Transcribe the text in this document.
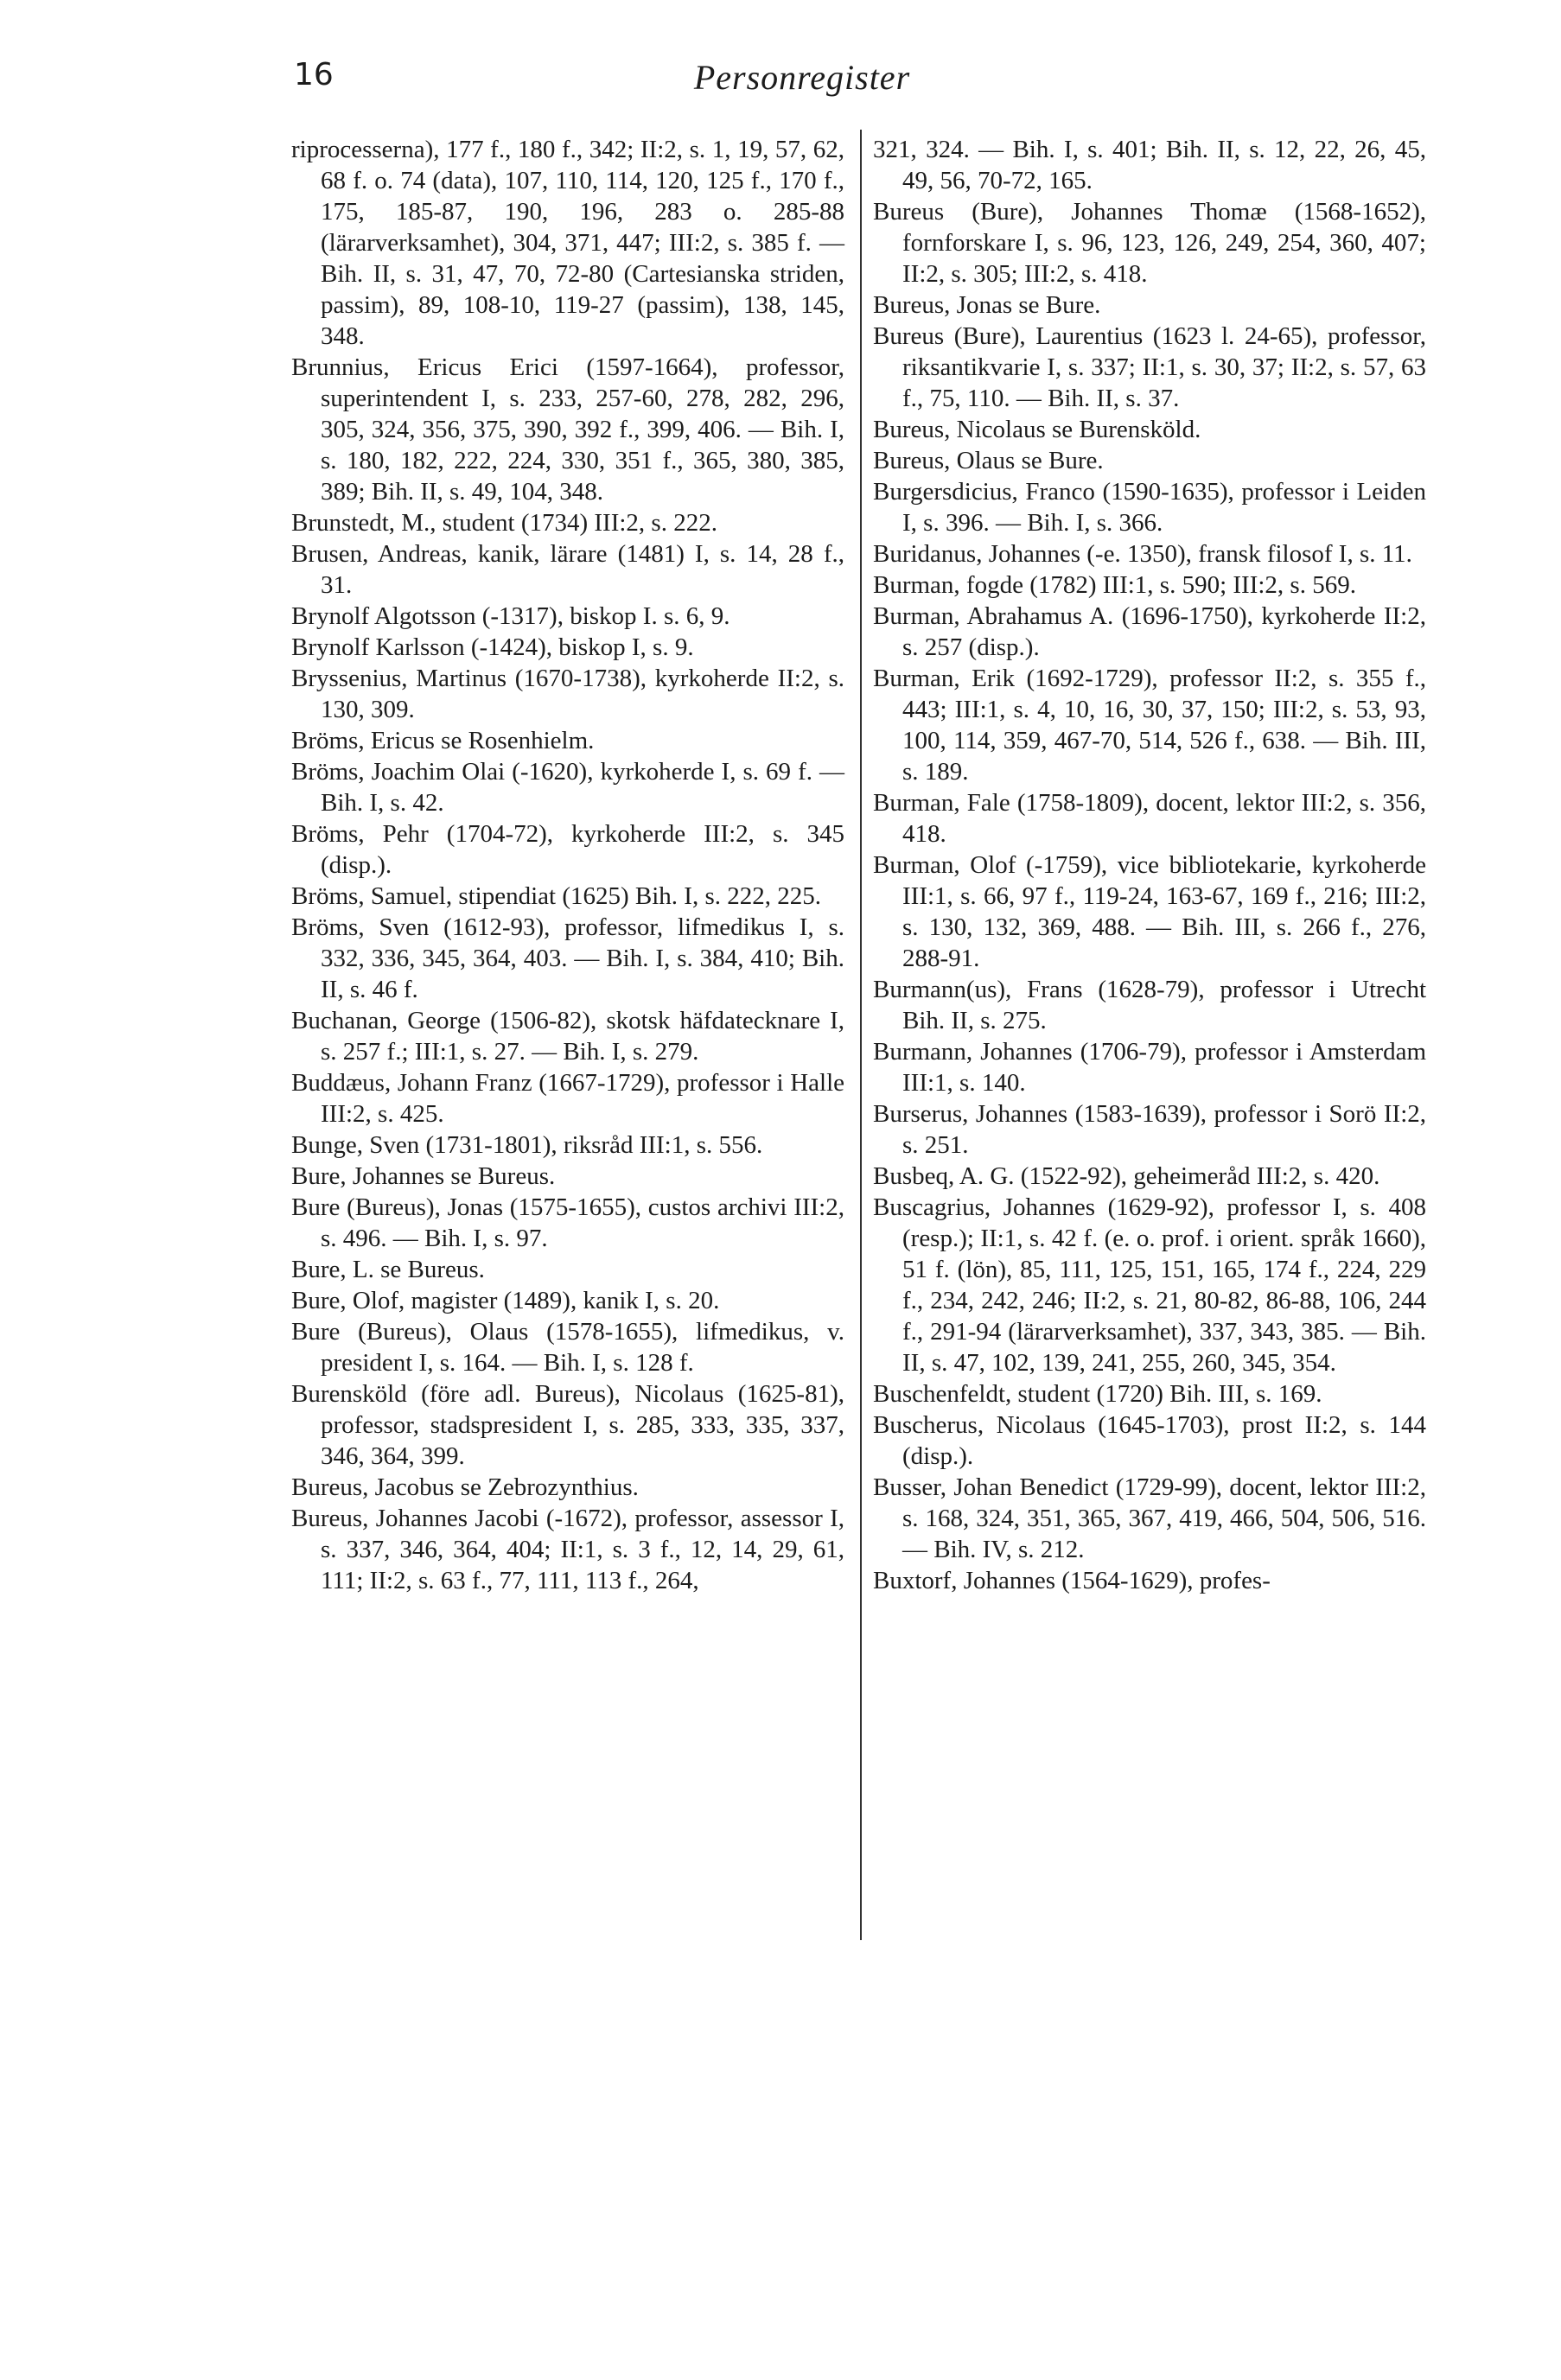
16	Personregister

riprocesserna), 177 f., 180 f., 342; II:2, s. 1, 19, 57, 62, 68 f. o. 74 (data), 107, 110, 114, 120, 125 f., 170 f., 175, 185-87, 190, 196, 283 o. 285-88 (lärarverksamhet), 304, 371, 447; III:2, s. 385 f. — Bih. II, s. 31, 47, 70, 72-80 (Cartesianska striden, passim), 89, 108-10, 119-27 (passim), 138, 145, 348.

Brunnius, Ericus Erici (1597-1664), professor, superintendent I, s. 233, 257-60, 278, 282, 296, 305, 324, 356, 375, 390, 392 f., 399, 406. — Bih. I, s. 180, 182, 222, 224, 330, 351 f., 365, 380, 385, 389; Bih. II, s. 49, 104, 348.

Brunstedt, M., student (1734) III:2, s. 222.

Brusen, Andreas, kanik, lärare (1481) I, s. 14, 28 f., 31.

Brynolf Algotsson (-1317), biskop I. s. 6, 9.

Brynolf Karlsson (-1424), biskop I, s. 9.

Bryssenius, Martinus (1670-1738), kyrkoherde II:2, s. 130, 309.

Bröms, Ericus se Rosenhielm.

Bröms, Joachim Olai (-1620), kyrkoherde I, s. 69 f. — Bih. I, s. 42.

Bröms, Pehr (1704-72), kyrkoherde III:2, s. 345 (disp.).

Bröms, Samuel, stipendiat (1625) Bih. I, s. 222, 225.

Bröms, Sven (1612-93), professor, lifmedikus I, s. 332, 336, 345, 364, 403. — Bih. I, s. 384, 410; Bih. II, s. 46 f.

Buchanan, George (1506-82), skotsk häfdatecknare I, s. 257 f.; III:1, s. 27. — Bih. I, s. 279.

Buddæus, Johann Franz (1667-1729), professor i Halle III:2, s. 425.

Bunge, Sven (1731-1801), riksråd III:1, s. 556.

Bure, Johannes se Bureus.

Bure (Bureus), Jonas (1575-1655), custos archivi III:2, s. 496. — Bih. I, s. 97.

Bure, L. se Bureus.

Bure, Olof, magister (1489), kanik I, s. 20.

Bure (Bureus), Olaus (1578-1655), lifmedikus, v. president I, s. 164. — Bih. I, s. 128 f.

Burensköld (före adl. Bureus), Nicolaus (1625-81), professor, stadspresident I, s. 285, 333, 335, 337, 346, 364, 399.

Bureus, Jacobus se Zebrozynthius.

Bureus, Johannes Jacobi (-1672), professor, assessor I, s. 337, 346, 364, 404; II:1, s. 3 f., 12, 14, 29, 61, 111; II:2, s. 63 f., 77, 111, 113 f., 264,

321, 324. — Bih. I, s. 401; Bih. II, s. 12, 22, 26, 45, 49, 56, 70-72, 165.

Bureus (Bure), Johannes Thomæ (1568-1652), fornforskare I, s. 96, 123, 126, 249, 254, 360, 407; II:2, s. 305; III:2, s. 418.

Bureus, Jonas se Bure.

Bureus (Bure), Laurentius (1623 l. 24-65), professor, riksantikvarie I, s. 337; II:1, s. 30, 37; II:2, s. 57, 63 f., 75, 110. — Bih. II, s. 37.

Bureus, Nicolaus se Burensköld.

Bureus, Olaus se Bure.

Burgersdicius, Franco (1590-1635), professor i Leiden I, s. 396. — Bih. I, s. 366.

Buridanus, Johannes (-e. 1350), fransk filosof I, s. 11.

Burman, fogde (1782) III:1, s. 590; III:2, s. 569.

Burman, Abrahamus A. (1696-1750), kyrkoherde II:2, s. 257 (disp.).

Burman, Erik (1692-1729), professor II:2, s. 355 f., 443; III:1, s. 4, 10, 16, 30, 37, 150; III:2, s. 53, 93, 100, 114, 359, 467-70, 514, 526 f., 638. — Bih. III, s. 189.

Burman, Fale (1758-1809), docent, lektor III:2, s. 356, 418.

Burman, Olof (-1759), vice bibliotekarie, kyrkoherde III:1, s. 66, 97 f., 119-24, 163-67, 169 f., 216; III:2, s. 130, 132, 369, 488. — Bih. III, s. 266 f., 276, 288-91.

Burmann(us), Frans (1628-79), professor i Utrecht Bih. II, s. 275.

Burmann, Johannes (1706-79), professor i Amsterdam III:1, s. 140.

Burserus, Johannes (1583-1639), professor i Sorö II:2, s. 251.

Busbeq, A. G. (1522-92), geheimeråd III:2, s. 420.

Buscagrius, Johannes (1629-92), professor I, s. 408 (resp.); II:1, s. 42 f. (e. o. prof. i orient. språk 1660), 51 f. (lön), 85, 111, 125, 151, 165, 174 f., 224, 229 f., 234, 242, 246; II:2, s. 21, 80-82, 86-88, 106, 244 f., 291-94 (lärarverksamhet), 337, 343, 385. — Bih. II, s. 47, 102, 139, 241, 255, 260, 345, 354.

Buschenfeldt, student (1720) Bih. III, s. 169.

Buscherus, Nicolaus (1645-1703), prost II:2, s. 144 (disp.).

Busser, Johan Benedict (1729-99), docent, lektor III:2, s. 168, 324, 351, 365, 367, 419, 466, 504, 506, 516. — Bih. IV, s. 212.

Buxtorf, Johannes (1564-1629), profes-
